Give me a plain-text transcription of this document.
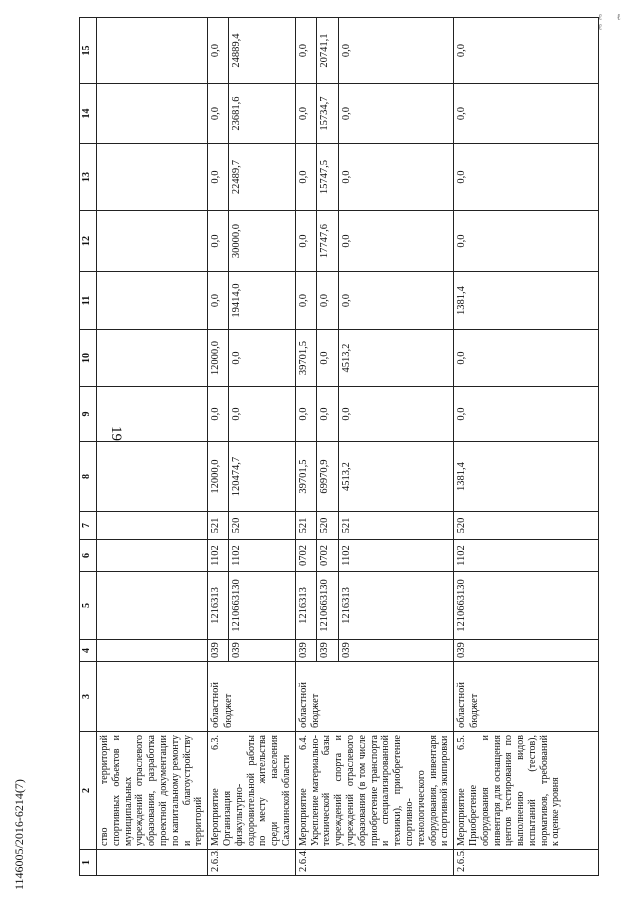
ℓ ℓ ℓ
19
1146005/2016-6214(7)	1	2	3	4	5	6	7	8	9	10	11	12	13	14	15
	ство территорий спортивных объектов и муниципальных учреждений отраслевого образования, разработка проектной документации по капитальному ремонту и благоустройству территорий													
2.6.3.	Мероприятие 6.3. Организация физкультурно-оздоровительной работы по месту жительства среди населения Сахалинской области	областной бюджет	039	1216313	1102	521	12000,0	0,0	12000,0	0,0	0,0	0,0	0,0	0,0
			039	1210663130	1102	520	120474,7	0,0	0,0	19414,0	30000,0	22489,7	23681,6	24889,4
2.6.4.	Мероприятие 6.4. Укрепление материально-технической базы учреждений спорта и учреждений отраслевого образования (в том числе приобретение транспорта и специализированной техники), приобретение спортивно-технологического оборудования, инвентаря и спортивной экипировки	областной бюджет	039	1216313	0702	521	39701,5	0,0	39701,5	0,0	0,0	0,0	0,0	0,0
			039	1210663130	0702	520	69970,9	0,0	0,0	0,0	17747,6	15747,5	15734,7	20741,1
			039	1216313	1102	521	4513,2	0,0	4513,2	0,0	0,0	0,0	0,0	0,0
2.6.5.	Мероприятие 6.5. Приобретение оборудования и инвентаря для оснащения центов тестирования по выполнению видов испытаний (тестов), нормативов, требований к оценке уровня	областной бюджет	039	1210663130	1102	520	1381,4	0,0	0,0	1381,4	0,0	0,0	0,0	0,0
